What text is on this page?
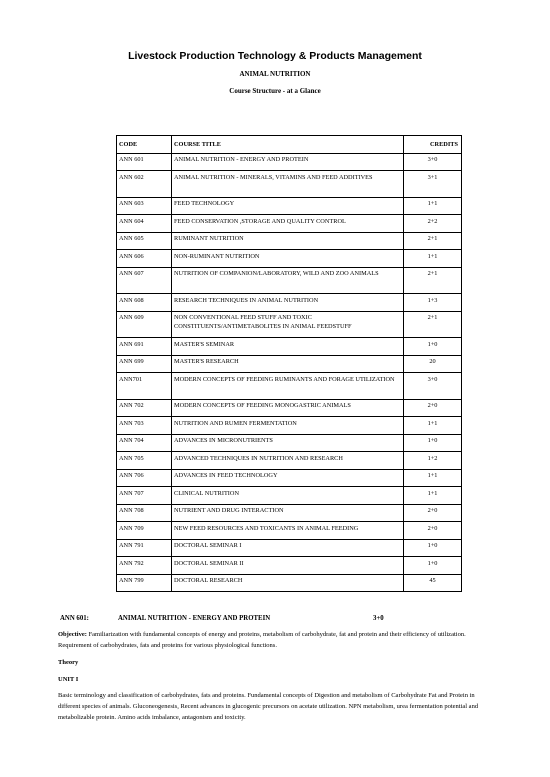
Livestock Production Technology & Products Management
ANIMAL NUTRITION
Course Structure - at a Glance
CODE	COURSE TITLE	CREDITS
ANN 601	ANIMAL NUTRITION - ENERGY AND PROTEIN	3+0
ANN 602	ANIMAL NUTRITION - MINERALS, VITAMINS AND FEED ADDITIVES	3+1
ANN 603	FEED TECHNOLOGY	1+1
ANN 604	FEED CONSERVATION ,STORAGE AND QUALITY CONTROL	2+2
ANN 605	RUMINANT NUTRITION	2+1
ANN 606	NON-RUMINANT NUTRITION	1+1
ANN 607	NUTRITION OF COMPANION/LABORATORY, WILD AND ZOO ANIMALS	2+1
ANN 608	RESEARCH TECHNIQUES IN ANIMAL NUTRITION	1+3
ANN 609	NON CONVENTIONAL FEED STUFF AND TOXIC CONSTITUENTS/ANTIMETABOLITES IN ANIMAL FEEDSTUFF	2+1
ANN 691	MASTER'S SEMINAR	1+0
ANN 699	MASTER'S RESEARCH	20
ANN701	MODERN CONCEPTS OF FEEDING RUMINANTS AND FORAGE UTILIZATION	3+0
ANN 702	MODERN CONCEPTS OF FEEDING MONOGASTRIC ANIMALS	2+0
ANN 703	NUTRITION AND RUMEN FERMENTATION	1+1
ANN 704	ADVANCES IN MICRONUTRIENTS	1+0
ANN 705	ADVANCED TECHNIQUES IN NUTRITION AND RESEARCH	1+2
ANN 706	ADVANCES IN FEED TECHNOLOGY	1+1
ANN 707	CLINICAL NUTRITION	1+1
ANN 708	NUTRIENT AND DRUG INTERACTION	2+0
ANN 709	NEW FEED RESOURCES AND TOXICANTS IN ANIMAL FEEDING	2+0
ANN 791	DOCTORAL SEMINAR I	1+0
ANN 792	DOCTORAL SEMINAR II	1+0
ANN 799	DOCTORAL RESEARCH	45
ANN 601:	ANIMAL NUTRITION - ENERGY AND PROTEIN	3+0
Objective: Familiarization with fundamental concepts of energy and proteins, metabolism of carbohydrate, fat and protein and their efficiency of utilization. Requirement of carbohydrates, fats and proteins for various physiological functions.
Theory
UNIT I
Basic terminology and classification of carbohydrates, fats and proteins. Fundamental concepts of Digestion and metabolism of Carbohydrate Fat and Protein in different species of animals. Gluconeogenesis, Recent advances in glucogenic precursors on acetate utilization. NPN metabolism, urea fermentation potential and metabolizable protein. Amino acids imbalance, antagonism and toxicity.
